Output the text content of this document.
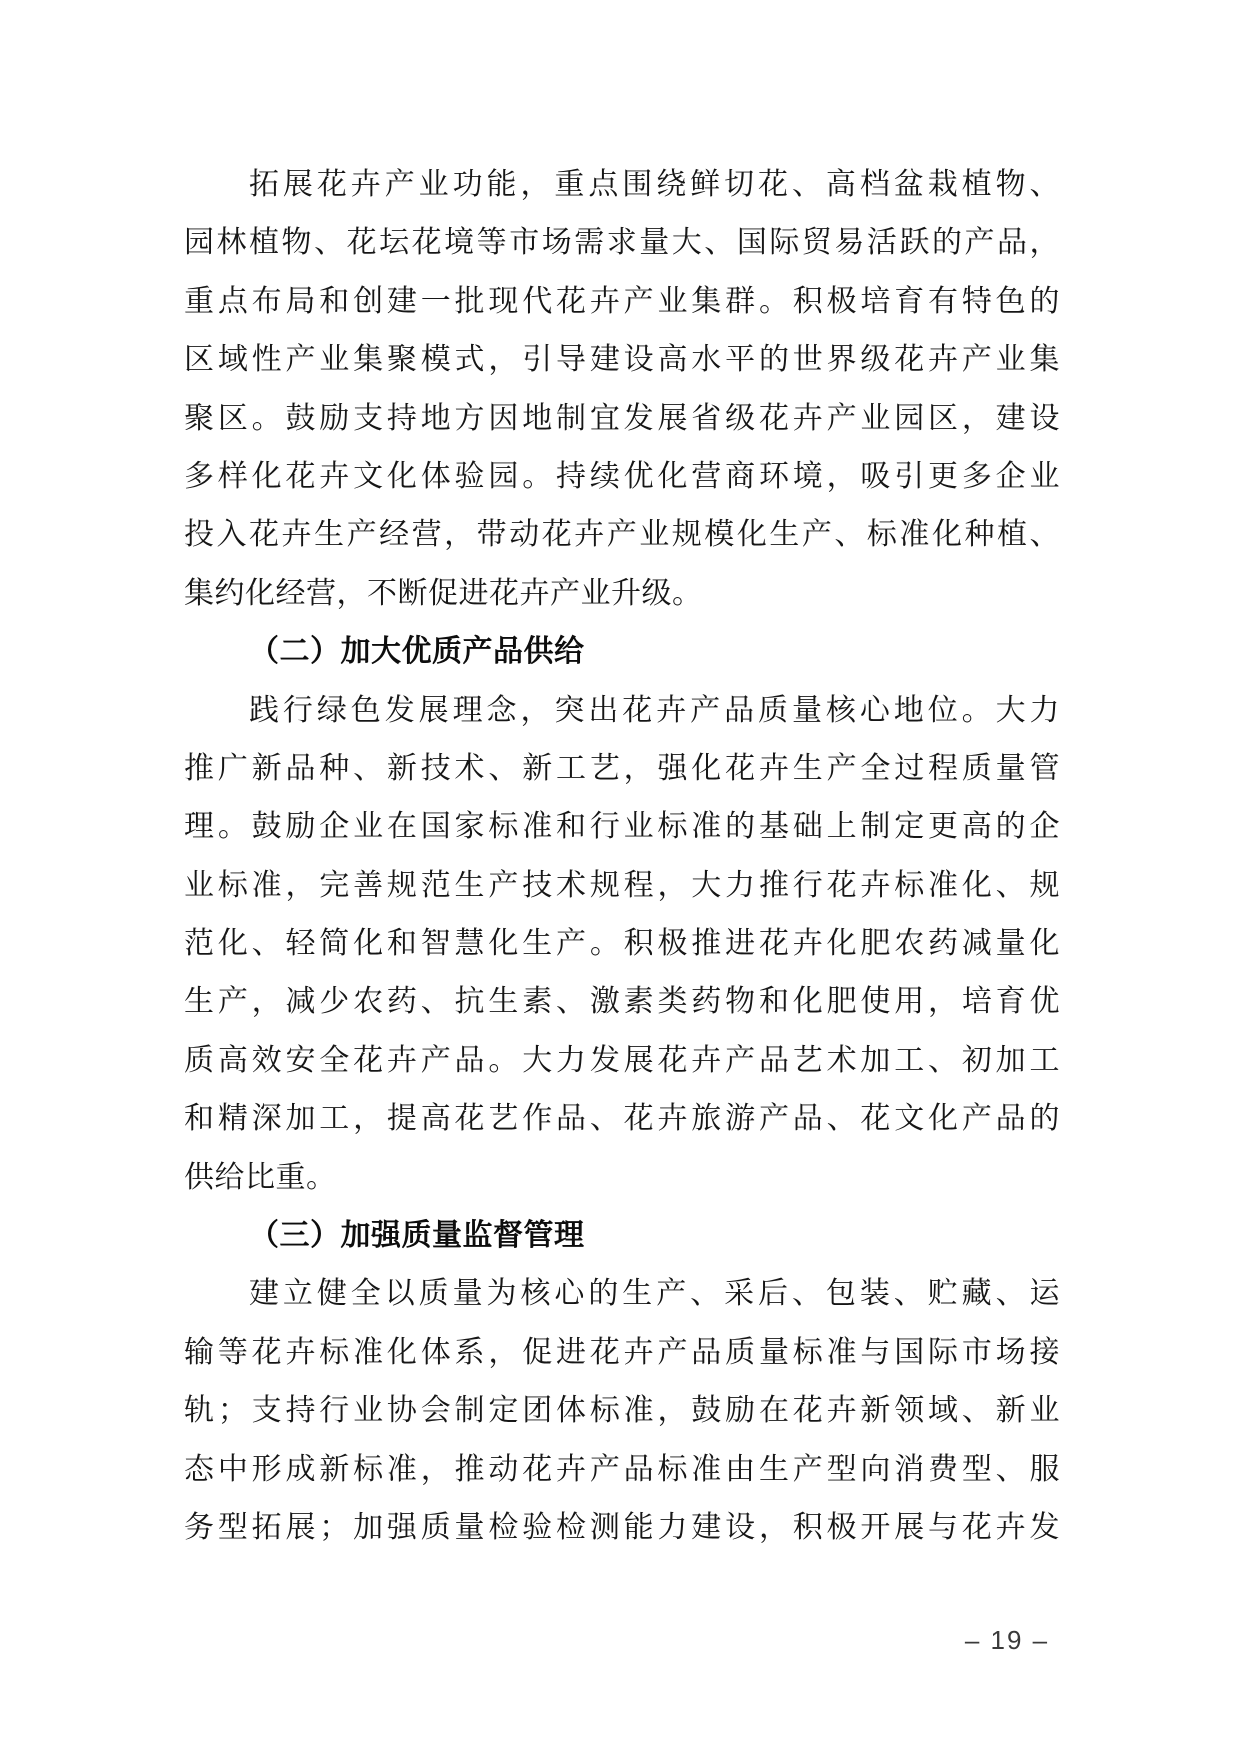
拓展花卉产业功能，重点围绕鲜切花、高档盆栽植物、
园林植物、花坛花境等市场需求量大、国际贸易活跃的产品，
重点布局和创建一批现代花卉产业集群。积极培育有特色的
区域性产业集聚模式，引导建设高水平的世界级花卉产业集
聚区。鼓励支持地方因地制宜发展省级花卉产业园区，建设
多样化花卉文化体验园。持续优化营商环境，吸引更多企业
投入花卉生产经营，带动花卉产业规模化生产、标准化种植、
集约化经营，不断促进花卉产业升级。
（二）加大优质产品供给
践行绿色发展理念，突出花卉产品质量核心地位。大力
推广新品种、新技术、新工艺，强化花卉生产全过程质量管
理。鼓励企业在国家标准和行业标准的基础上制定更高的企
业标准，完善规范生产技术规程，大力推行花卉标准化、规
范化、轻简化和智慧化生产。积极推进花卉化肥农药减量化
生产，减少农药、抗生素、激素类药物和化肥使用，培育优
质高效安全花卉产品。大力发展花卉产品艺术加工、初加工
和精深加工，提高花艺作品、花卉旅游产品、花文化产品的
供给比重。
（三）加强质量监督管理
建立健全以质量为核心的生产、采后、包装、贮藏、运
输等花卉标准化体系，促进花卉产品质量标准与国际市场接
轨；支持行业协会制定团体标准，鼓励在花卉新领域、新业
态中形成新标准，推动花卉产品标准由生产型向消费型、服
务型拓展；加强质量检验检测能力建设，积极开展与花卉发
– 19 –
